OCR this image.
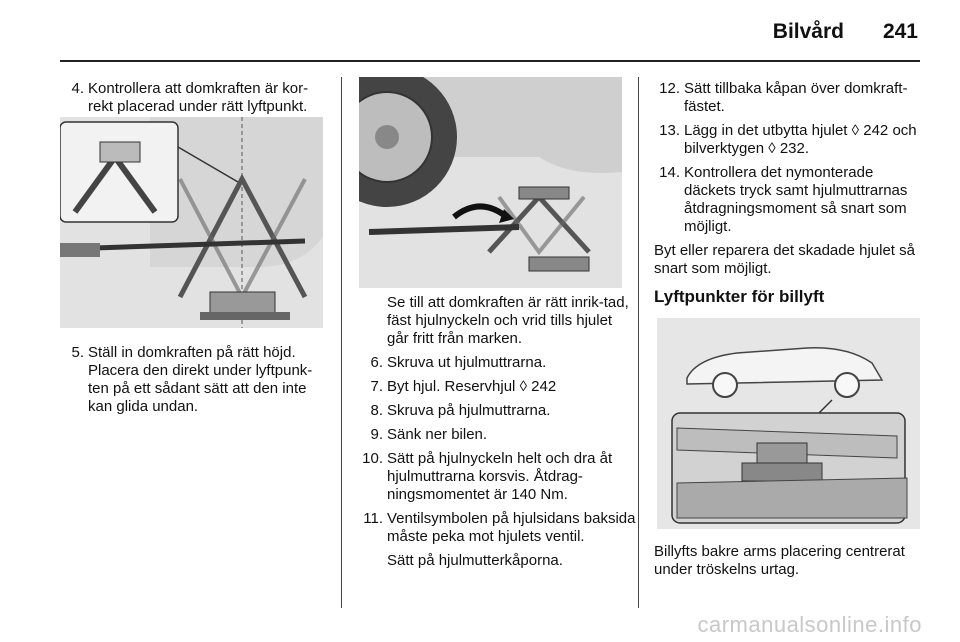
Bilvård 241
4. Kontrollera att domkraften är kor-rekt placerad under rätt lyftpunkt.
5. Ställ in domkraften på rätt höjd. Placera den direkt under lyftpunk-ten på ett sådant sätt att den inte kan glida undan.
Se till att domkraften är rätt inrik-tad, fäst hjulnyckeln och vrid tills hjulet går fritt från marken.
6. Skruva ut hjulmuttrarna.
7. Byt hjul. Reservhjul ◊ 242
8. Skruva på hjulmuttrarna.
9. Sänk ner bilen.
10. Sätt på hjulnyckeln helt och dra åt hjulmuttrarna korsvis. Åtdrag-ningsmomentet är 140 Nm.
11. Ventilsymbolen på hjulsidans baksida måste peka mot hjulets ventil.
Sätt på hjulmutterkåporna.
12. Sätt tillbaka kåpan över domkraft-fästet.
13. Lägg in det utbytta hjulet ◊ 242 och bilverktygen ◊ 232.
14. Kontrollera det nymonterade däckets tryck samt hjulmuttrarnas åtdragningsmoment så snart som möjligt.
Byt eller reparera det skadade hjulet så snart som möjligt.
Lyftpunkter för billyft
Billyfts bakre arms placering centrerat under tröskelns urtag.
carmanualsonline.info
